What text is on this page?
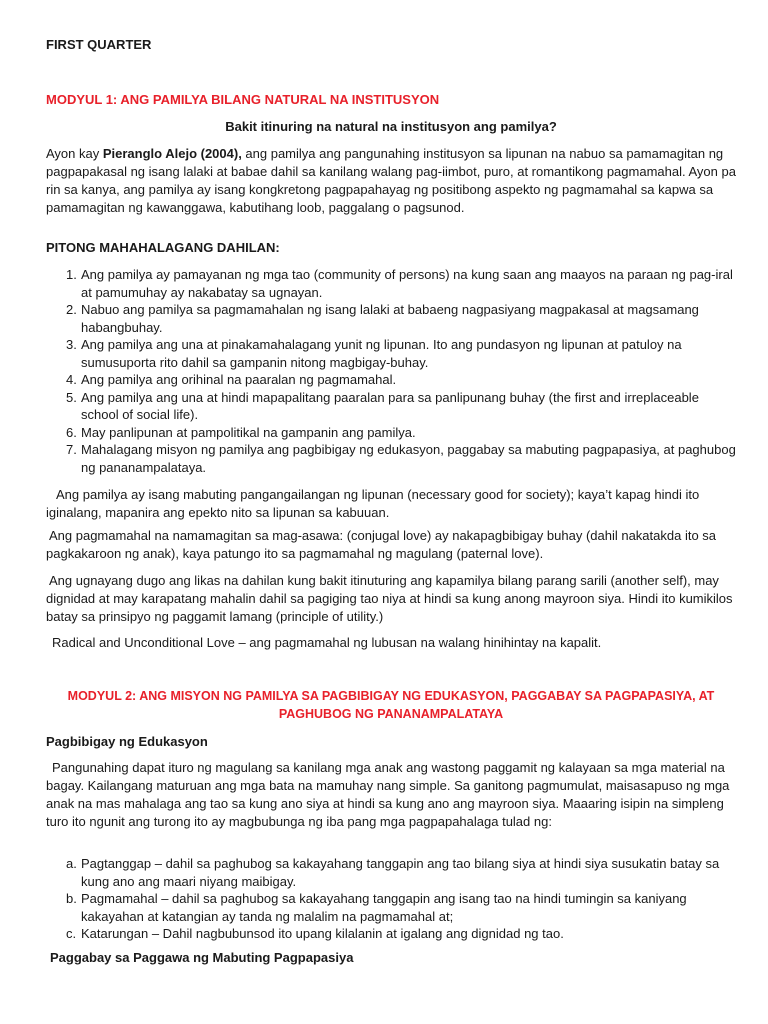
FIRST QUARTER

MODYUL 1: ANG PAMILYA BILANG NATURAL NA INSTITUSYON

Bakit itinuring na natural na institusyon ang pamilya?

Ayon kay Pieranglo Alejo (2004), ang pamilya ang pangunahing institusyon sa lipunan na nabuo sa pamamagitan ng pagpapakasal ng isang lalaki at babae dahil sa kanilang walang pag-iimbot, puro, at romantikong pagmamahal. Ayon pa rin sa kanya, ang pamilya ay isang kongkretong pagpapahayag ng positibong aspekto ng pagmamahal sa kapwa sa pamamagitan ng kawanggawa, kabutihang loob, paggalang o pagsunod.

PITONG MAHAHALAGANG DAHILAN:

1. Ang pamilya ay pamayanan ng mga tao (community of persons) na kung saan ang maayos na paraan ng pag-iral at pamumuhay ay nakabatay sa ugnayan.
2. Nabuo ang pamilya sa pagmamahalan ng isang lalaki at babaeng nagpasiyang magpakasal at magsamang habangbuhay.
3. Ang pamilya ang una at pinakamahalagang yunit ng lipunan. Ito ang pundasyon ng lipunan at patuloy na sumusuporta rito dahil sa gampanin nitong magbigay-buhay.
4. Ang pamilya ang orihinal na paaralan ng pagmamahal.
5. Ang pamilya ang una at hindi mapapalitang paaralan para sa panlipunang buhay (the first and irreplaceable school of social life).
6. May panlipunan at pampolitikal na gampanin ang pamilya.
7. Mahalagang misyon ng pamilya ang pagbibigay ng edukasyon, paggabay sa mabuting pagpapasiya, at paghubog ng pananampalataya.

Ang pamilya ay isang mabuting pangangailangan ng lipunan (necessary good for society); kaya’t kapag hindi ito iginalang, mapanira ang epekto nito sa lipunan sa kabuuan.

Ang pagmamahal na namamagitan sa mag-asawa: (conjugal love) ay nakapagbibigay buhay (dahil nakatakda ito sa pagkakaroon ng anak), kaya patungo ito sa pagmamahal ng magulang (paternal love).

Ang ugnayang dugo ang likas na dahilan kung bakit itinuturing ang kapamilya bilang parang sarili (another self), may dignidad at may karapatang mahalin dahil sa pagiging tao niya at hindi sa kung anong mayroon siya. Hindi ito kumikilos batay sa prinsipyo ng paggamit lamang (principle of utility.)

Radical and Unconditional Love – ang pagmamahal ng lubusan na walang hinihintay na kapalit.

MODYUL 2: ANG MISYON NG PAMILYA SA PAGBIBIGAY NG EDUKASYON, PAGGABAY SA PAGPAPASIYA, AT
PAGHUBOG NG PANANAMPALATAYA

Pagbibigay ng Edukasyon

Pangunahing dapat ituro ng magulang sa kanilang mga anak ang wastong paggamit ng kalayaan sa mga material na bagay. Kailangang maturuan ang mga bata na mamuhay nang simple. Sa ganitong pagmumulat, maisasapuso ng mga anak na mas mahalaga ang tao sa kung ano siya at hindi sa kung ano ang mayroon siya. Maaaring isipin na simpleng turo ito ngunit ang turong ito ay magbubunga ng iba pang mga pagpapahalaga tulad ng:

a. Pagtanggap – dahil sa paghubog sa kakayahang tanggapin ang tao bilang siya at hindi siya susukatin batay sa kung ano ang maari niyang maibigay.
b. Pagmamahal – dahil sa paghubog sa kakayahang tanggapin ang isang tao na hindi tumingin sa kaniyang kakayahan at katangian ay tanda ng malalim na pagmamahal at;
c. Katarungan – Dahil nagbubunsod ito upang kilalanin at igalang ang dignidad ng tao.

Paggabay sa Paggawa ng Mabuting Pagpapasiya
